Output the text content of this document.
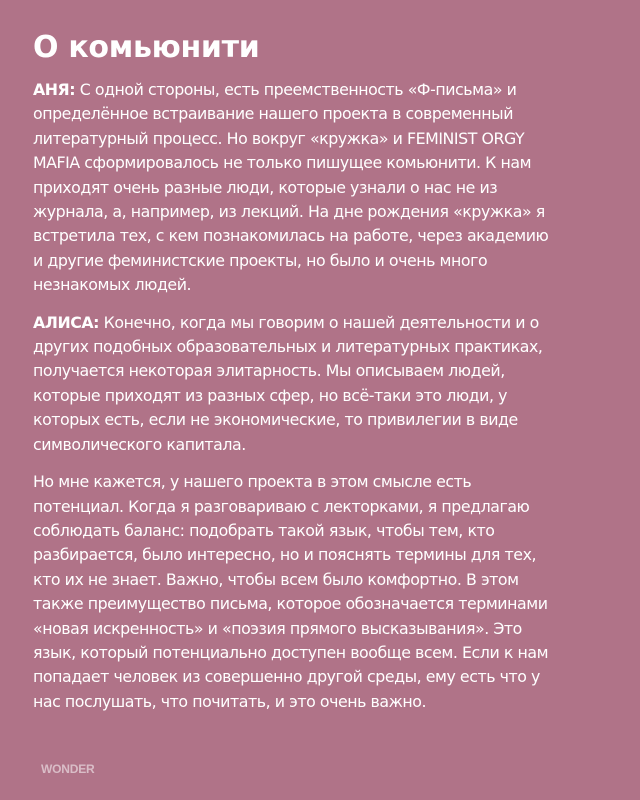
О комьюнити
АНЯ: С одной стороны, есть преемственность «Ф-письма» и
определённое встраивание нашего проекта в современный
литературный процесс. Но вокруг «кружка» и FEMINIST ORGY
MAFIA сформировалось не только пишущее комьюнити. К нам
приходят очень разные люди, которые узнали о нас не из
журнала, а, например, из лекций. На дне рождения «кружка» я
встретила тех, с кем познакомилась на работе, через академию
и другие феминистские проекты, но было и очень много
незнакомых людей.
АЛИСА: Конечно, когда мы говорим о нашей деятельности и о
других подобных образовательных и литературных практиках,
получается некоторая элитарность. Мы описываем людей,
которые приходят из разных сфер, но всё-таки это люди, у
которых есть, если не экономические, то привилегии в виде
символического капитала.
Но мне кажется, у нашего проекта в этом смысле есть
потенциал. Когда я разговариваю с лекторками, я предлагаю
соблюдать баланс: подобрать такой язык, чтобы тем, кто
разбирается, было интересно, но и пояснять термины для тех,
кто их не знает. Важно, чтобы всем было комфортно. В этом
также преимущество письма, которое обозначается терминами
«новая искренность» и «поэзия прямого высказывания». Это
язык, который потенциально доступен вообще всем. Если к нам
попадает человек из совершенно другой среды, ему есть что у
нас послушать, что почитать, и это очень важно.
WONDER
